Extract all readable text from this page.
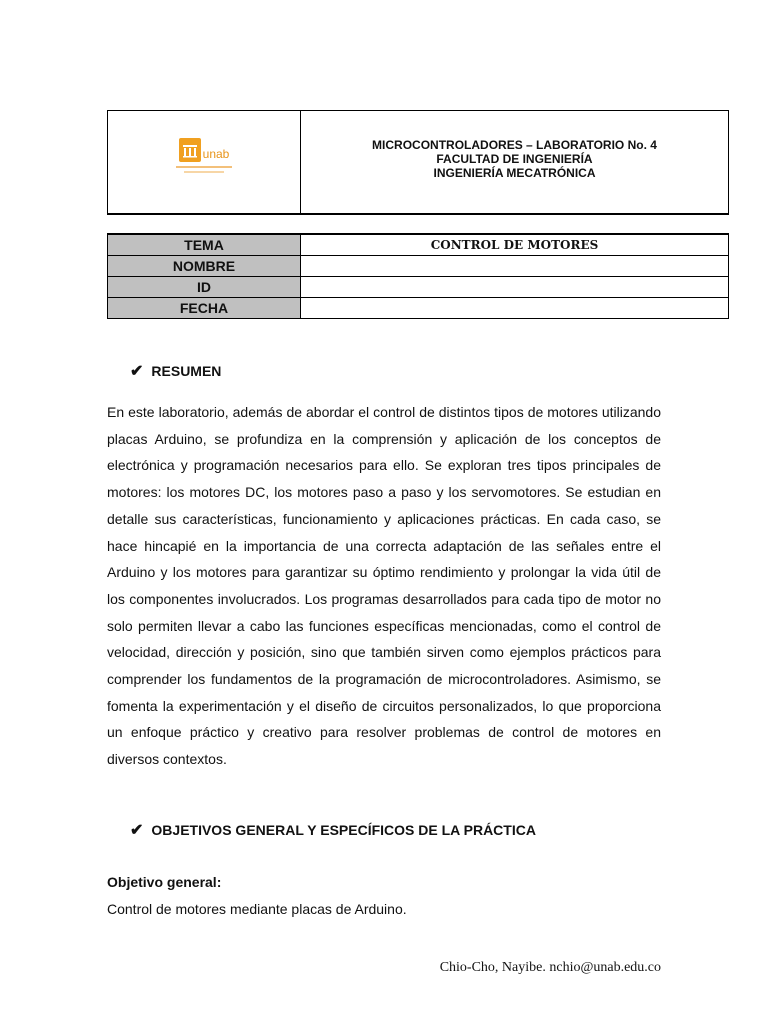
unab
MICROCONTROLADORES – LABORATORIO No. 4
FACULTAD DE INGENIERÍA
INGENIERÍA MECATRÓNICA
TEMA	CONTROL DE MOTORES
NOMBRE	
ID	
FECHA	
✔ RESUMEN
En este laboratorio, además de abordar el control de distintos tipos de motores utilizando placas Arduino, se profundiza en la comprensión y aplicación de los conceptos de electrónica y programación necesarios para ello. Se exploran tres tipos principales de motores: los motores DC, los motores paso a paso y los servomotores. Se estudian en detalle sus características, funcionamiento y aplicaciones prácticas. En cada caso, se hace hincapié en la importancia de una correcta adaptación de las señales entre el Arduino y los motores para garantizar su óptimo rendimiento y prolongar la vida útil de los componentes involucrados. Los programas desarrollados para cada tipo de motor no solo permiten llevar a cabo las funciones específicas mencionadas, como el control de velocidad, dirección y posición, sino que también sirven como ejemplos prácticos para comprender los fundamentos de la programación de microcontroladores. Asimismo, se fomenta la experimentación y el diseño de circuitos personalizados, lo que proporciona un enfoque práctico y creativo para resolver problemas de control de motores en diversos contextos.
✔ OBJETIVOS GENERAL Y ESPECÍFICOS DE LA PRÁCTICA
Objetivo general:
Control de motores mediante placas de Arduino.
Chio-Cho, Nayibe. nchio@unab.edu.co
